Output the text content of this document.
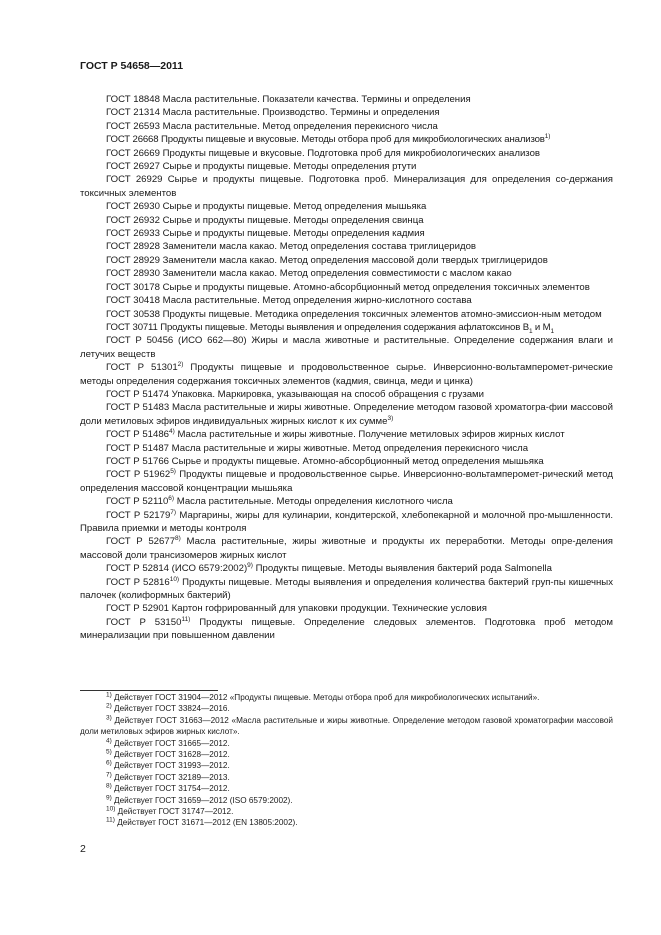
ГОСТ Р 54658—2011

ГОСТ 18848 Масла растительные. Показатели качества. Термины и определения

ГОСТ 21314 Масла растительные. Производство. Термины и определения

ГОСТ 26593 Масла растительные. Метод определения перекисного числа

ГОСТ 26668 Продукты пищевые и вкусовые. Методы отбора проб для микробиологических анализов$^{1)}$

ГОСТ 26669 Продукты пищевые и вкусовые. Подготовка проб для микробиологических анализов

ГОСТ 26927 Сырье и продукты пищевые. Методы определения ртути

ГОСТ 26929 Сырье и продукты пищевые. Подготовка проб. Минерализация для определения со-держания токсичных элементов

ГОСТ 26930 Сырье и продукты пищевые. Метод определения мышьяка

ГОСТ 26932 Сырье и продукты пищевые. Методы определения свинца

ГОСТ 26933 Сырье и продукты пищевые. Методы определения кадмия

ГОСТ 28928 Заменители масла какао. Метод определения состава триглицеридов

ГОСТ 28929 Заменители масла какао. Метод определения массовой доли твердых триглицеридов

ГОСТ 28930 Заменители масла какао. Метод определения совместимости с маслом какао

ГОСТ 30178 Сырье и продукты пищевые. Атомно-абсорбционный метод определения токсичных элементов

ГОСТ 30418 Масла растительные. Метод определения жирно-кислотного состава

ГОСТ 30538 Продукты пищевые. Методика определения токсичных элементов атомно-эмиссион-ным методом

ГОСТ 30711 Продукты пищевые. Методы выявления и определения содержания афлатоксинов $B_1$ и $M_1$

ГОСТ Р 50456 (ИСО 662—80) Жиры и масла животные и растительные. Определение содержания влаги и летучих веществ

ГОСТ Р 51301$^{2)}$ Продукты пищевые и продовольственное сырье. Инверсионно-вольтамперомет-рические методы определения содержания токсичных элементов (кадмия, свинца, меди и цинка)

ГОСТ Р 51474 Упаковка. Маркировка, указывающая на способ обращения с грузами

ГОСТ Р 51483 Масла растительные и жиры животные. Определение методом газовой хроматогра-фии массовой доли метиловых эфиров индивидуальных жирных кислот к их сумме$^{3)}$

ГОСТ Р 51486$^{4)}$ Масла растительные и жиры животные. Получение метиловых эфиров жирных кислот

ГОСТ Р 51487 Масла растительные и жиры животные. Метод определения перекисного числа

ГОСТ Р 51766 Сырье и продукты пищевые. Атомно-абсорбционный метод определения мышьяка

ГОСТ Р 51962$^{5)}$ Продукты пищевые и продовольственное сырье. Инверсионно-вольтамперомет-рический метод определения массовой концентрации мышьяка

ГОСТ Р 52110$^{6)}$ Масла растительные. Методы определения кислотного числа

ГОСТ Р 52179$^{7)}$ Маргарины, жиры для кулинарии, кондитерской, хлебопекарной и молочной про-мышленности. Правила приемки и методы контроля

ГОСТ Р 52677$^{8)}$ Масла растительные, жиры животные и продукты их переработки. Методы опре-деления массовой доли трансизомеров жирных кислот

ГОСТ Р 52814 (ИСО 6579:2002)$^{9)}$ Продукты пищевые. Методы выявления бактерий рода Salmonella

ГОСТ Р 52816$^{10)}$ Продукты пищевые. Методы выявления и определения количества бактерий груп-пы кишечных палочек (колиформных бактерий)

ГОСТ Р 52901 Картон гофрированный для упаковки продукции. Технические условия

ГОСТ Р 53150$^{11)}$ Продукты пищевые. Определение следовых элементов. Подготовка проб методом минерализации при повышенном давлении

$^{1)}$ Действует ГОСТ 31904—2012 «Продукты пищевые. Методы отбора проб для микробиологических испытаний».

$^{2)}$ Действует ГОСТ 33824—2016.

$^{3)}$ Действует ГОСТ 31663—2012 «Масла растительные и жиры животные. Определение методом газовой хроматографии массовой доли метиловых эфиров жирных кислот».

$^{4)}$ Действует ГОСТ 31665—2012.

$^{5)}$ Действует ГОСТ 31628—2012.

$^{6)}$ Действует ГОСТ 31993—2012.

$^{7)}$ Действует ГОСТ 32189—2013.

$^{8)}$ Действует ГОСТ 31754—2012.

$^{9)}$ Действует ГОСТ 31659—2012 (ISO 6579:2002).

$^{10)}$ Действует ГОСТ 31747—2012.

$^{11)}$ Действует ГОСТ 31671—2012 (EN 13805:2002).

2
